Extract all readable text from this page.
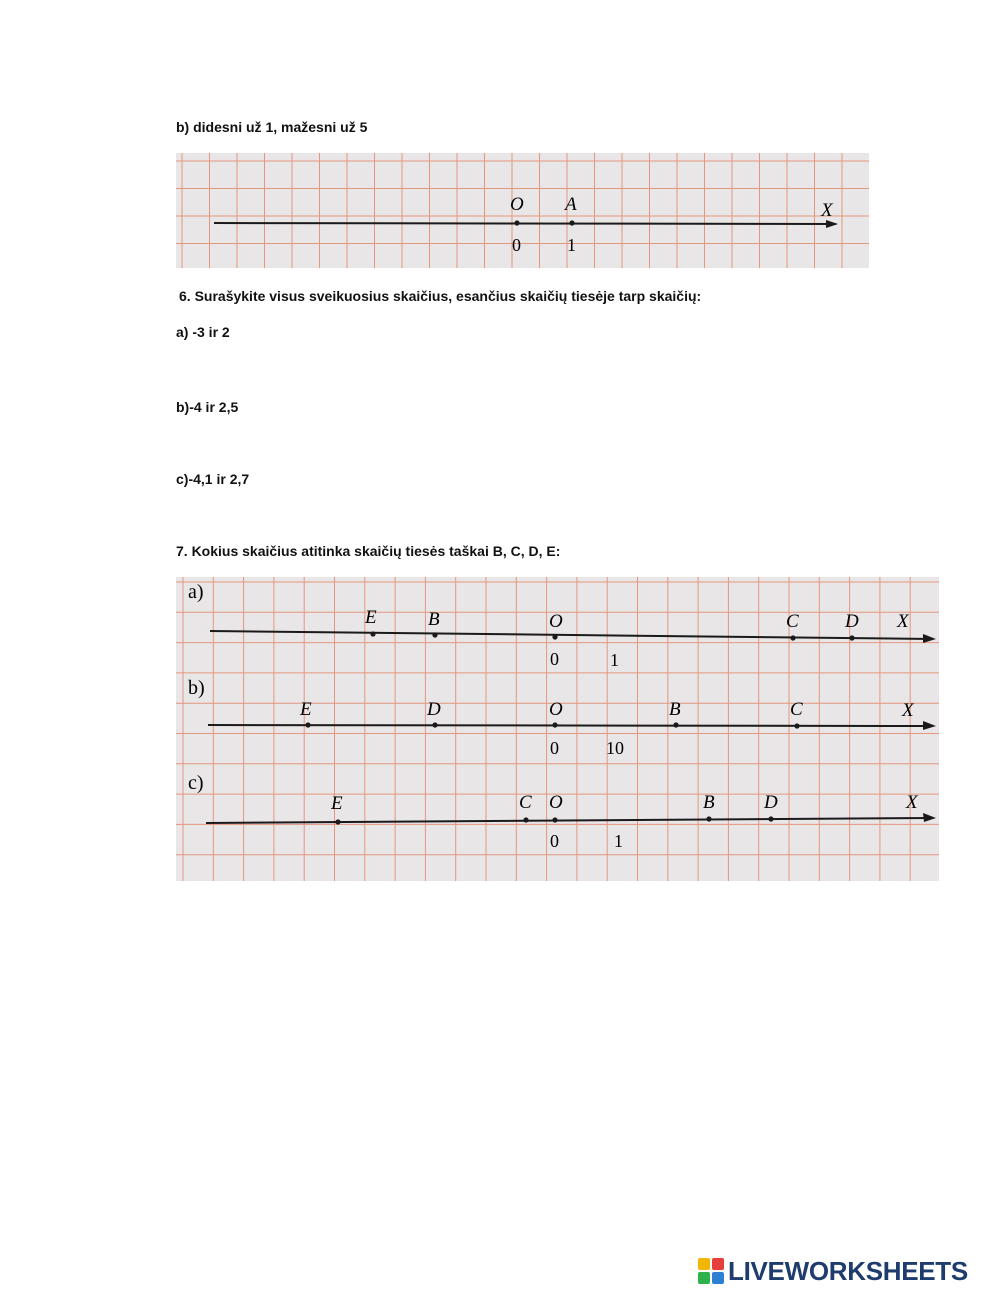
b) didesni už 1, mažesni už 5
O A	X
0	1
6. Surašykite visus sveikuosius skaičius, esančius skaičių tiesėje tarp skaičių:
a) -3 ir 2
b)-4 ir 2,5
c)-4,1 ir 2,7
7. Kokius skaičius atitinka skaičių tiesės taškai B, C, D, E:
a)
E	B	O	C D X
0	1
b)
E	D	O	B	C	X
0	10
c)
E	C O	B	D	X
0	1
LIVEWORKSHEETS
